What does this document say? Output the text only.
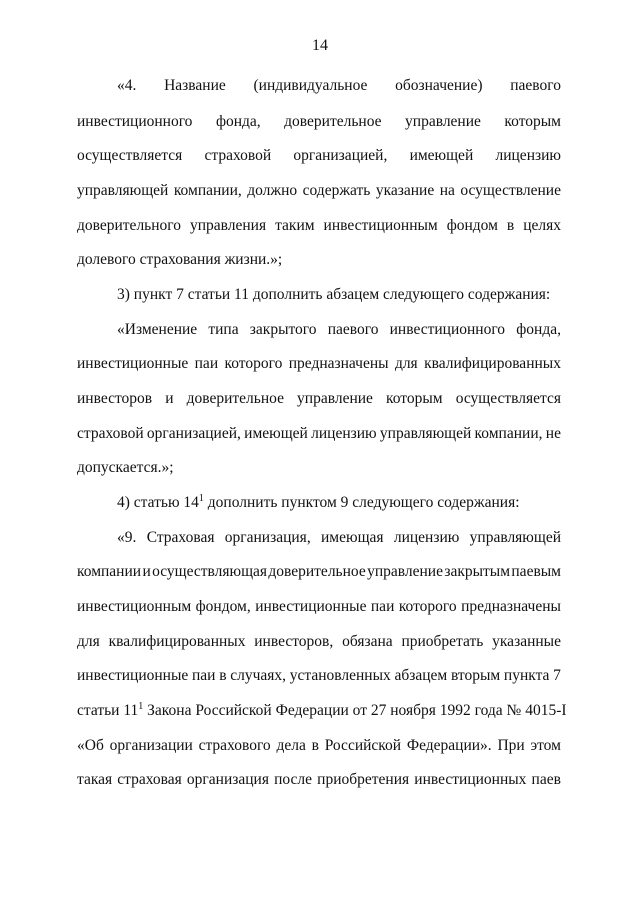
14
«4. Название (индивидуальное обозначение) паевого
инвестиционного фонда, доверительное управление которым
осуществляется страховой организацией, имеющей лицензию
управляющей компании, должно содержать указание на осуществление
доверительного управления таким инвестиционным фондом в целях
долевого страхования жизни.»;
3) пункт 7 статьи 11 дополнить абзацем следующего содержания:
«Изменение типа закрытого паевого инвестиционного фонда,
инвестиционные паи которого предназначены для квалифицированных
инвесторов и доверительное управление которым осуществляется
страховой организацией, имеющей лицензию управляющей компании, не
допускается.»;
4) статью $14^1$ дополнить пунктом 9 следующего содержания:
«9. Страховая организация, имеющая лицензию управляющей
компании и осуществляющая доверительное управление закрытым паевым
инвестиционным фондом, инвестиционные паи которого предназначены
для квалифицированных инвесторов, обязана приобретать указанные
инвестиционные паи в случаях, установленных абзацем вторым пункта 7
статьи $11^1$ Закона Российской Федерации от 27 ноября 1992 года № 4015-I
«Об организации страхового дела в Российской Федерации». При этом
такая страховая организация после приобретения инвестиционных паев
